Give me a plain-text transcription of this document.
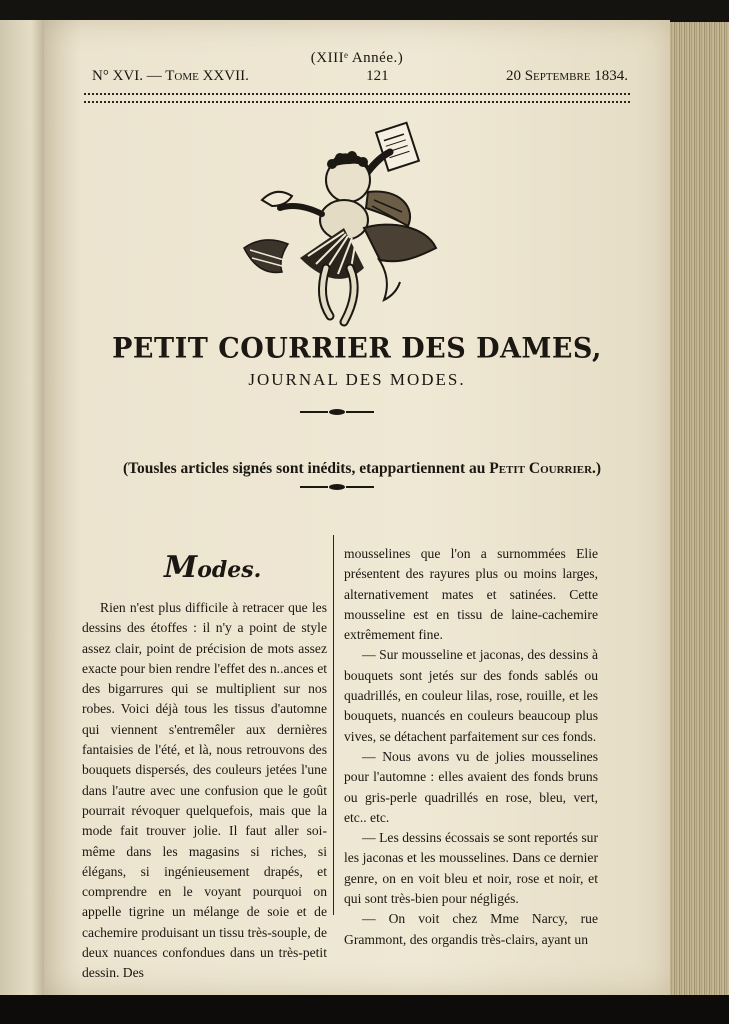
(XIIIᵉ Année.)
N° XVI. — Tome XXVII.	121	20 Septembre 1834.
PETIT COURRIER DES DAMES,
JOURNAL DES MODES.
(Tousles articles signés sont inédits, etappartiennent au Petit Courrier.)
Modes.

Rien n'est plus difficile à retracer que les dessins des étoffes : il n'y a point de style assez clair, point de précision de mots assez exacte pour bien rendre l'effet des n..ances et des bigarrures qui se multiplient sur nos robes. Voici déjà tous les tissus d'automne qui viennent s'entremêler aux dernières fantaisies de l'été, et là, nous retrouvons des bouquets dispersés, des couleurs jetées l'une dans l'autre avec une confusion que le goût pourrait révoquer quelquefois, mais que la mode fait trouver jolie. Il faut aller soi-même dans les magasins si riches, si élégans, si ingénieusement drapés, et comprendre en le voyant pourquoi on appelle tigrine un mélange de soie et de cachemire produisant un tissu très-souple, de deux nuances confondues dans un très-petit dessin. Des

mousselines que l'on a surnommées Elie présentent des rayures plus ou moins larges, alternativement mates et satinées. Cette mousseline est en tissu de laine-cachemire extrêmement fine.

— Sur mousseline et jaconas, des dessins à bouquets sont jetés sur des fonds sablés ou quadrillés, en couleur lilas, rose, rouille, et les bouquets, nuancés en couleurs beaucoup plus vives, se détachent parfaitement sur ces fonds.

— Nous avons vu de jolies mousselines pour l'automne : elles avaient des fonds bruns ou gris-perle quadrillés en rose, bleu, vert, etc.. etc.

— Les dessins écossais se sont reportés sur les jaconas et les mousselines. Dans ce dernier genre, on en voit bleu et noir, rose et noir, et qui sont très-bien pour négligés.

— On voit chez Mme Narcy, rue Grammont, des organdis très-clairs, ayant un
